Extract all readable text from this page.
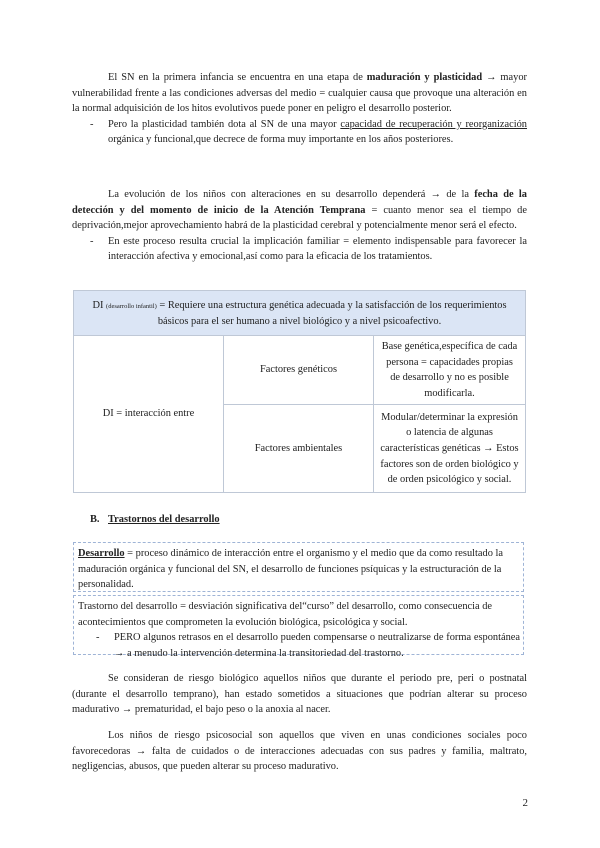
El SN en la primera infancia se encuentra en una etapa de maduración y plasticidad → mayor vulnerabilidad frente a las condiciones adversas del medio = cualquier causa que provoque una alteración en la normal adquisición de los hitos evolutivos puede poner en peligro el desarrollo posterior.

- Pero la plasticidad también dota al SN de una mayor capacidad de recuperación y reorganización orgánica y funcional,que decrece de forma muy importante en los años posteriores.

La evolución de los niños con alteraciones en su desarrollo dependerá → de la fecha de la detección y del momento de inicio de la Atención Temprana = cuanto menor sea el tiempo de deprivación,mejor aprovechamiento habrá de la plasticidad cerebral y potencialmente menor será el efecto.

- En este proceso resulta crucial la implicación familiar = elemento indispensable para favorecer la interacción afectiva y emocional,así como para la eficacia de los tratamientos.
DI (desarrollo infantil) = Requiere una estructura genética adecuada y la satisfacción de los requerimientos básicos para el ser humano a nivel biológico y a nivel psicoafectivo.		
DI = interacción entre	Factores genéticos	Base genética,específica de cada persona = capacidades propias de desarrollo y no es posible modificarla.
	Factores ambientales	Modular/determinar la expresión o latencia de algunas características genéticas → Estos factores son de orden biológico y de orden psicológico y social.
B. Trastornos del desarrollo

Desarrollo = proceso dinámico de interacción entre el organismo y el medio que da como resultado la maduración orgánica y funcional del SN, el desarrollo de funciones psíquicas y la estructuración de la personalidad.

Trastorno del desarrollo = desviación significativa del“curso” del desarrollo, como consecuencia de acontecimientos que comprometen la evolución biológica, psicológica y social.

- PERO algunos retrasos en el desarrollo pueden compensarse o neutralizarse de forma espontánea → a menudo la intervención determina la transitoriedad del trastorno.

Se consideran de riesgo biológico aquellos niños que durante el periodo pre, peri o postnatal (durante el desarrollo temprano), han estado sometidos a situaciones que podrían alterar su proceso madurativo → prematuridad, el bajo peso o la anoxia al nacer.

Los niños de riesgo psicosocial son aquellos que viven en unas condiciones sociales poco favorecedoras → falta de cuidados o de interacciones adecuadas con sus padres y familia, maltrato, negligencias, abusos, que pueden alterar su proceso madurativo.

2
